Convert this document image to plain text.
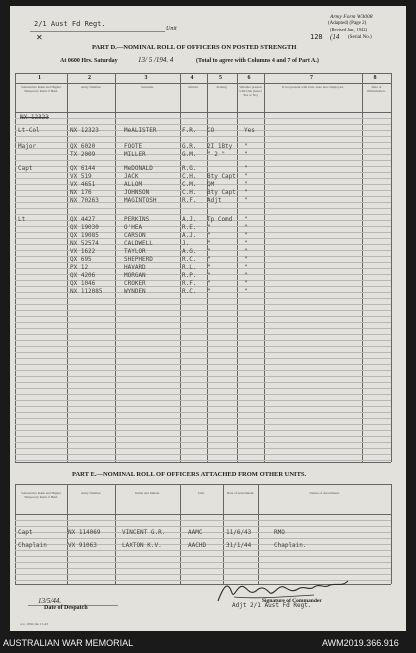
2/1 Aust Fd Regt.
Unit
✕
Army Form W3008
(Adapted) (Page 2)
(Revised Jan., 1942)
128 (14 (Serial No.)
PART D.—NOMINAL ROLL OF OFFICERS ON POSTED STRENGTH
At 0600 Hrs. Saturday	13/ 5 /194. 4	(Total to agree with Columns 4 and 7 of Part A.)
1	2	3	4	5	6	7	8
Substantive Rank and Higher Temporary Rank if Held.
Army Number.	Surname.	Initials.	Posting.	Whether present with Unit (insert Yes or No)
If not present with Unit, state how employed.	Date of Embarkation.
NX 12323
Lt-Col	NX 12323	MeALISTER	F.R. CO	Yes
Major	QX 6020	FOOTE	G.R. 2I 1Bty "
TX 2009	MILLER	G.M. " 2 "	"
Capt	QX 6144	MeDONALD	R.G.	"
VX 519	JACK	C.H. Bty Capt "
VX 4651	ALLOM	C.M. QM	"
NX 176	JOHNSON	C.H. Bty Capt "
NX 70263	MAGINTOSH	R.F. Adjt	"
Lt	QX 4427	PERKINS	A.J. Tp Comd "
QX 19030	O'HEA	R.E. "	"
QX 19085	CARSON	A.J. "	"
NX 52574	CALDWELL	J.	"	"
VX 1622	TAYLOR	A.G. "	"
QX 695	SHEPHERD	R.C. "	"
PX 12	HAVARD	R.L. "	"
QX 4206	MORGAN	R.P. "	"
QX 1046	CROKER	R.F. "	"
NX 112085	WYNDEN	R.C. "	"
PART E.—NOMINAL ROLL OF OFFICERS ATTACHED FROM OTHER UNITS.
Substantive Rank and Higher Temporary Rank if Held.
Army Number.	Name and Initials.	Unit.	Date of Attachment.	Nature of Attachment.
Capt	NX 114069	VINCENT G.R.	AAMC	11/6/43	RMO
Chaplain	VX 91063	LAXTON K.V.	AACHD	31/1/44	Chaplain.
13/5/44.
Date of Despatch
a.w. 1094 Jan 15-43
Adjt 2/1 Aust Fd Regt.
Signature of Commander
AUSTRALIAN WAR MEMORIAL	AWM2019.366.916
